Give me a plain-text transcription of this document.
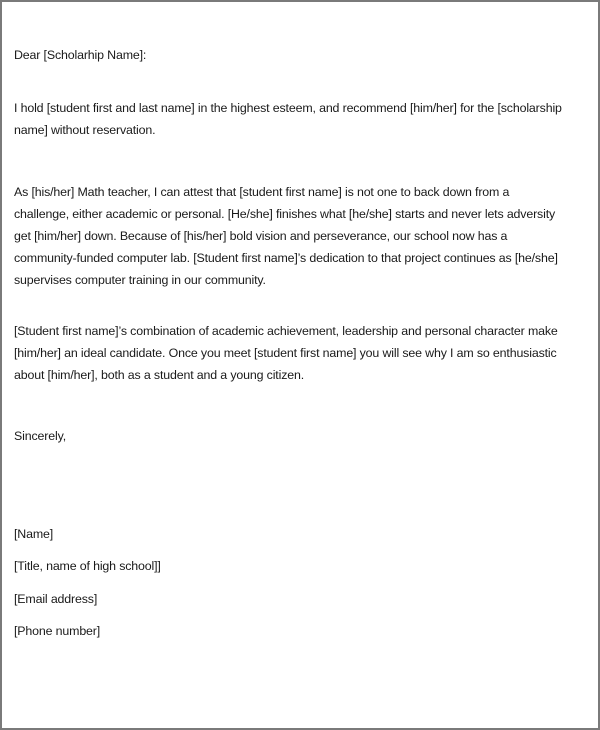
Dear [Scholarhip Name]:
I hold [student first and last name] in the highest esteem, and recommend [him/her] for the [scholarship
name] without reservation.
As [his/her] Math teacher, I can attest that [student first name] is not one to back down from a
challenge, either academic or personal. [He/she] finishes what [he/she] starts and never lets adversity
get [him/her] down. Because of [his/her] bold vision and perseverance, our school now has a
community-funded computer lab. [Student first name]’s dedication to that project continues as [he/she]
supervises computer training in our community.
[Student first name]’s combination of academic achievement, leadership and personal character make
[him/her] an ideal candidate. Once you meet [student first name] you will see why I am so enthusiastic
about [him/her], both as a student and a young citizen.
Sincerely,
[Name]
[Title, name of high school]]
[Email address]
[Phone number]
